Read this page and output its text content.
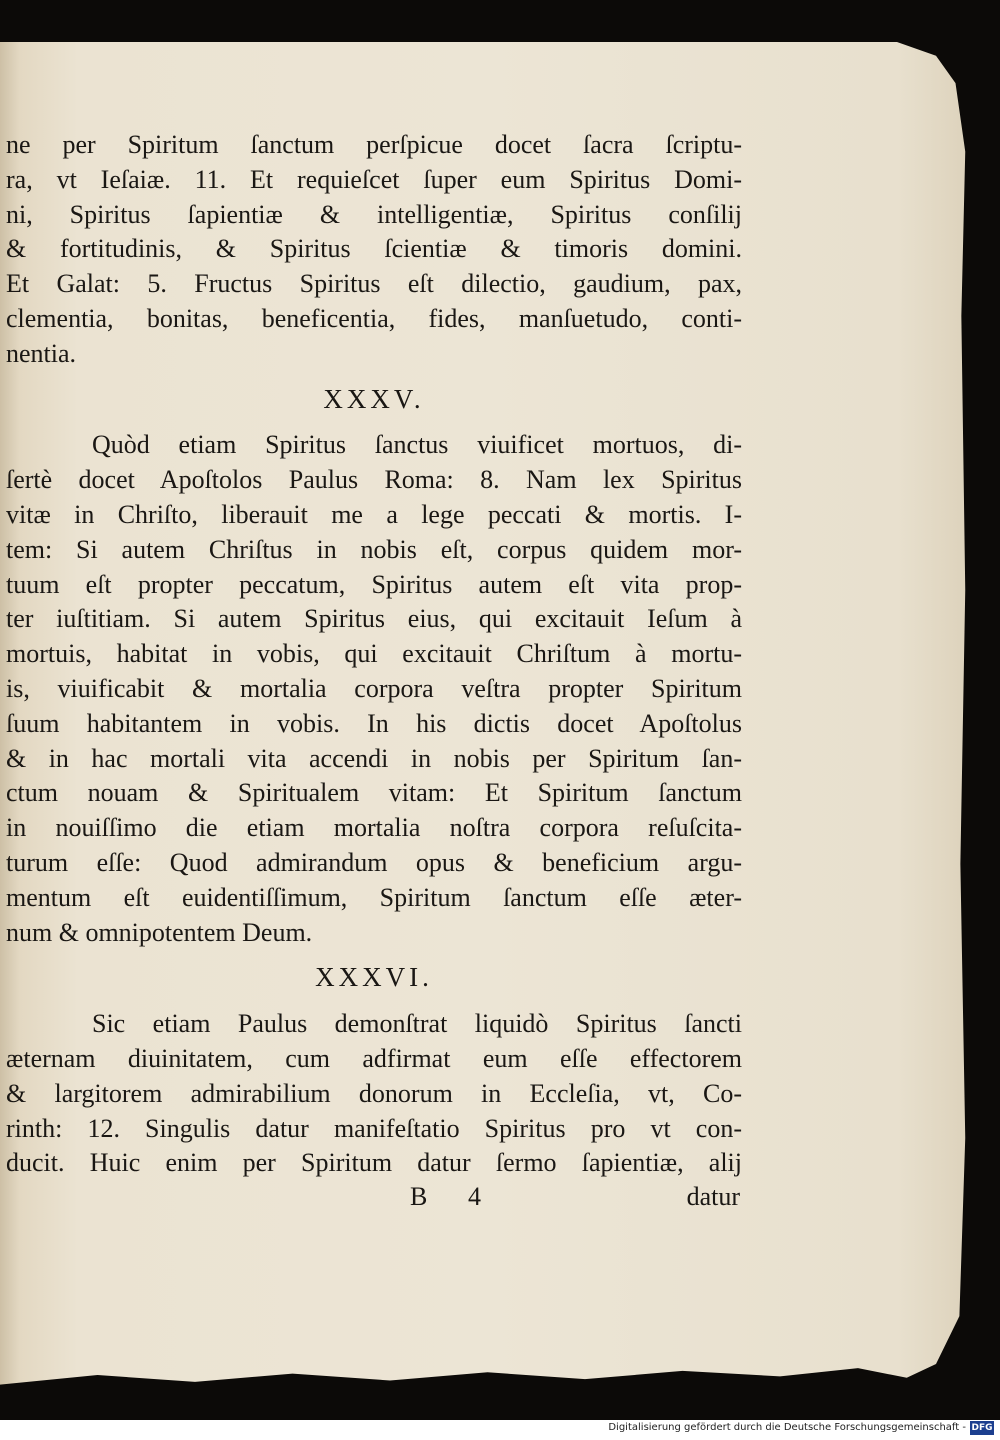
ne per Spiritum ſanctum perſpicue docet ſacra ſcriptu-
ra, vt Ieſaiæ. 11. Et requieſcet ſuper eum Spiritus Domi-
ni, Spiritus ſapientiæ & intelligentiæ, Spiritus conſilij
& fortitudinis, & Spiritus ſcientiæ & timoris domini.
Et Galat: 5. Fructus Spiritus eſt dilectio, gaudium, pax,
clementia, bonitas, beneficentia, fides, manſuetudo, conti-
nentia.
XXXV.
Quòd etiam Spiritus ſanctus viuificet mortuos, di-
ſertè docet Apoſtolos Paulus Roma: 8. Nam lex Spiritus
vitæ in Chriſto, liberauit me a lege peccati & mortis. I-
tem: Si autem Chriſtus in nobis eſt, corpus quidem mor-
tuum eſt propter peccatum, Spiritus autem eſt vita prop-
ter iuſtitiam. Si autem Spiritus eius, qui excitauit Ieſum à
mortuis, habitat in vobis, qui excitauit Chriſtum à mortu-
is, viuificabit & mortalia corpora veſtra propter Spiritum
ſuum habitantem in vobis. In his dictis docet Apoſtolus
& in hac mortali vita accendi in nobis per Spiritum ſan-
ctum nouam & Spiritualem vitam: Et Spiritum ſanctum
in nouiſſimo die etiam mortalia noſtra corpora reſuſcita-
turum eſſe: Quod admirandum opus & beneficium argu-
mentum eſt euidentiſſimum, Spiritum ſanctum eſſe æter-
num & omnipotentem Deum.
XXXVI.
Sic etiam Paulus demonſtrat liquidò Spiritus ſancti
æternam diuinitatem, cum adfirmat eum eſſe effectorem
& largitorem admirabilium donorum in Eccleſia, vt, Co-
rinth: 12. Singulis datur manifeſtatio Spiritus pro vt con-
ducit. Huic enim per Spiritum datur ſermo ſapientiæ, alij
B 4	datur
Digitalisierung gefördert durch die Deutsche Forschungsgemeinschaft - DFG
